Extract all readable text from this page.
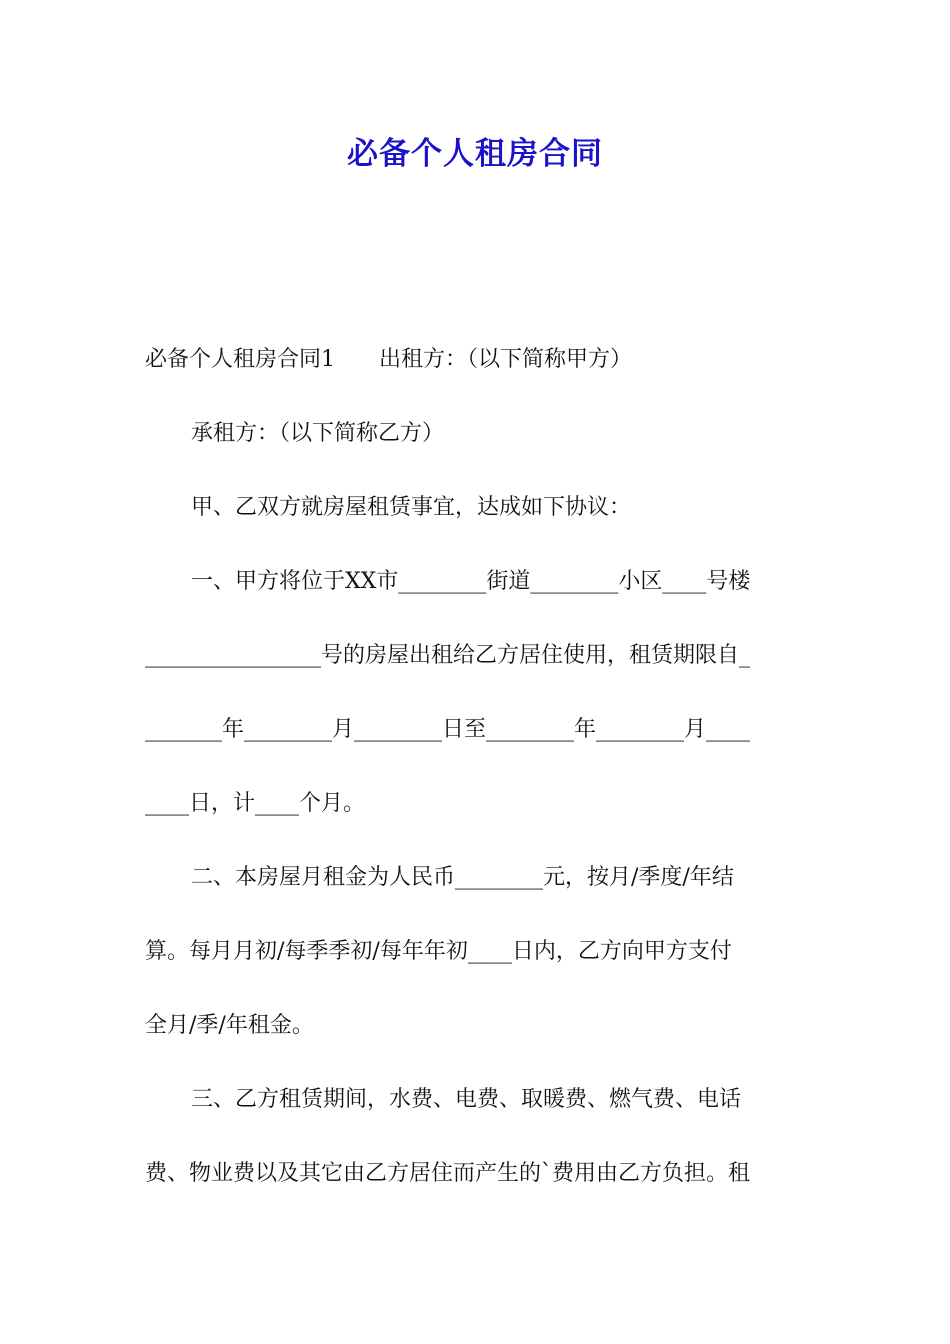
必备个人租房合同
必备个人租房合同1　　出租方：（以下简称甲方）
承租方：（以下简称乙方）
甲、乙双方就房屋租赁事宜，达成如下协议：
一、甲方将位于XX市________街道________小区____号楼
________________号的房屋出租给乙方居住使用，租赁期限自_
_______年________月________日至________年________月____
____日，计____个月。
二、本房屋月租金为人民币________元，按月/季度/年结
算。每月月初/每季季初/每年年初____日内，乙方向甲方支付
全月/季/年租金。
三、乙方租赁期间，水费、电费、取暖费、燃气费、电话
费、物业费以及其它由乙方居住而产生的`费用由乙方负担。租
